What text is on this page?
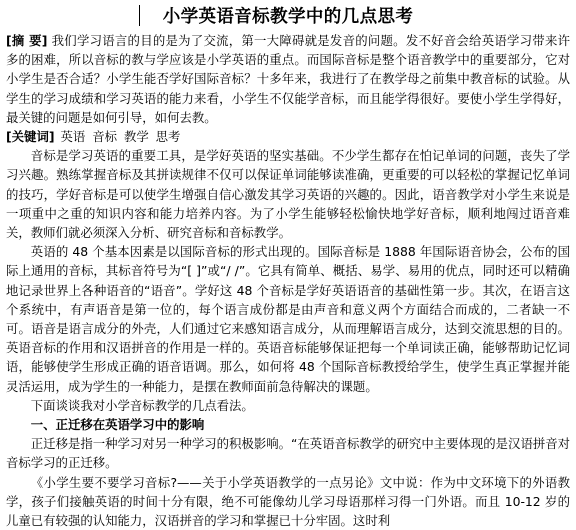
小学英语音标教学中的几点思考

[摘 要] 我们学习语言的目的是为了交流，第一大障碍就是发音的问题。发不好音会给英语学习带来许多的困难，所以音标的教与学应该是小学英语的重点。而国际音标是整个语音教学中的重要部分，它对小学生是否合适？小学生能否学好国际音标？十多年来，我进行了在教学母之前集中教音标的试验。从学生的学习成绩和学习英语的能力来看，小学生不仅能学音标，而且能学得很好。要使小学生学得好，最关键的问题是如何引导，如何去教。

[关键词] 英语 音标 教学 思考

音标是学习英语的重要工具，是学好英语的坚实基础。不少学生都存在怕记单词的问题，丧失了学习兴趣。熟练掌握音标及其拼读规律不仅可以保证单词能够读准确，更重要的可以轻松的掌握记忆单词的技巧，学好音标是可以使学生增强自信心激发其学习英语的兴趣的。因此，语音教学对小学生来说是一项重中之重的知识内容和能力培养内容。为了小学生能够轻松愉快地学好音标，顺利地闯过语音难关，教师们就必须深入分析、研究音标和音标教学。

英语的 48 个基本因素是以国际音标的形式出现的。国际音标是 1888 年国际语音协会，公布的国际上通用的音标，其标音符号为“[ ]”或“/ /”。它具有简单、概括、易学、易用的优点，同时还可以精确地记录世界上各种语音的“语音”。学好这 48 个音标是学好英语语音的基础性第一步。其次，在语言这个系统中，有声语音是第一位的，每个语言成份都是由声音和意义两个方面结合而成的，二者缺一不可。语音是语言成分的外壳，人们通过它来感知语言成分，从而理解语言成分，达到交流思想的目的。英语音标的作用和汉语拼音的作用是一样的。英语音标能够保证把每一个单词读正确，能够帮助记忆词语，能够使学生形成正确的语音语调。那么，如何将 48 个国际音标教授给学生，使学生真正掌握并能灵活运用，成为学生的一种能力，是摆在教师面前急待解决的课题。

下面谈谈我对小学音标教学的几点看法。

一、正迁移在英语学习中的影响

正迁移是指一种学习对另一种学习的积极影响。“在英语音标教学的研究中主要体现的是汉语拼音对音标学习的正迁移。

《小学生要不要学习音标?——关于小学英语教学的一点另论》文中说：作为中文环境下的外语教学，孩子们接触英语的时间十分有限，绝不可能像幼儿学习母语那样习得一门外语。而且 10-12 岁的儿童已有较强的认知能力，汉语拼音的学习和掌握已十分牢固。这时利
